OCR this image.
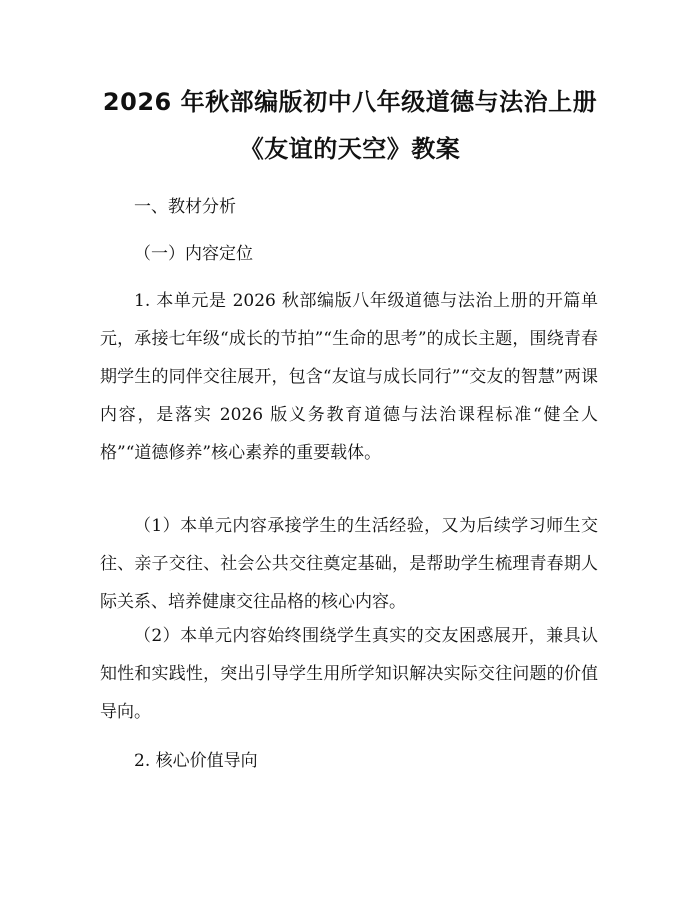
2026 年秋部编版初中八年级道德与法治上册
《友谊的天空》教案

一、教材分析

（一）内容定位

1. 本单元是 2026 秋部编版八年级道德与法治上册的开篇单元，承接七年级“成长的节拍”“生命的思考”的成长主题，围绕青春期学生的同伴交往展开，包含“友谊与成长同行”“交友的智慧”两课内容，是落实 2026 版义务教育道德与法治课程标准“健全人格”“道德修养”核心素养的重要载体。

（1）本单元内容承接学生的生活经验，又为后续学习师生交往、亲子交往、社会公共交往奠定基础，是帮助学生梳理青春期人际关系、培养健康交往品格的核心内容。

（2）本单元内容始终围绕学生真实的交友困惑展开，兼具认知性和实践性，突出引导学生用所学知识解决实际交往问题的价值导向。

2. 核心价值导向
